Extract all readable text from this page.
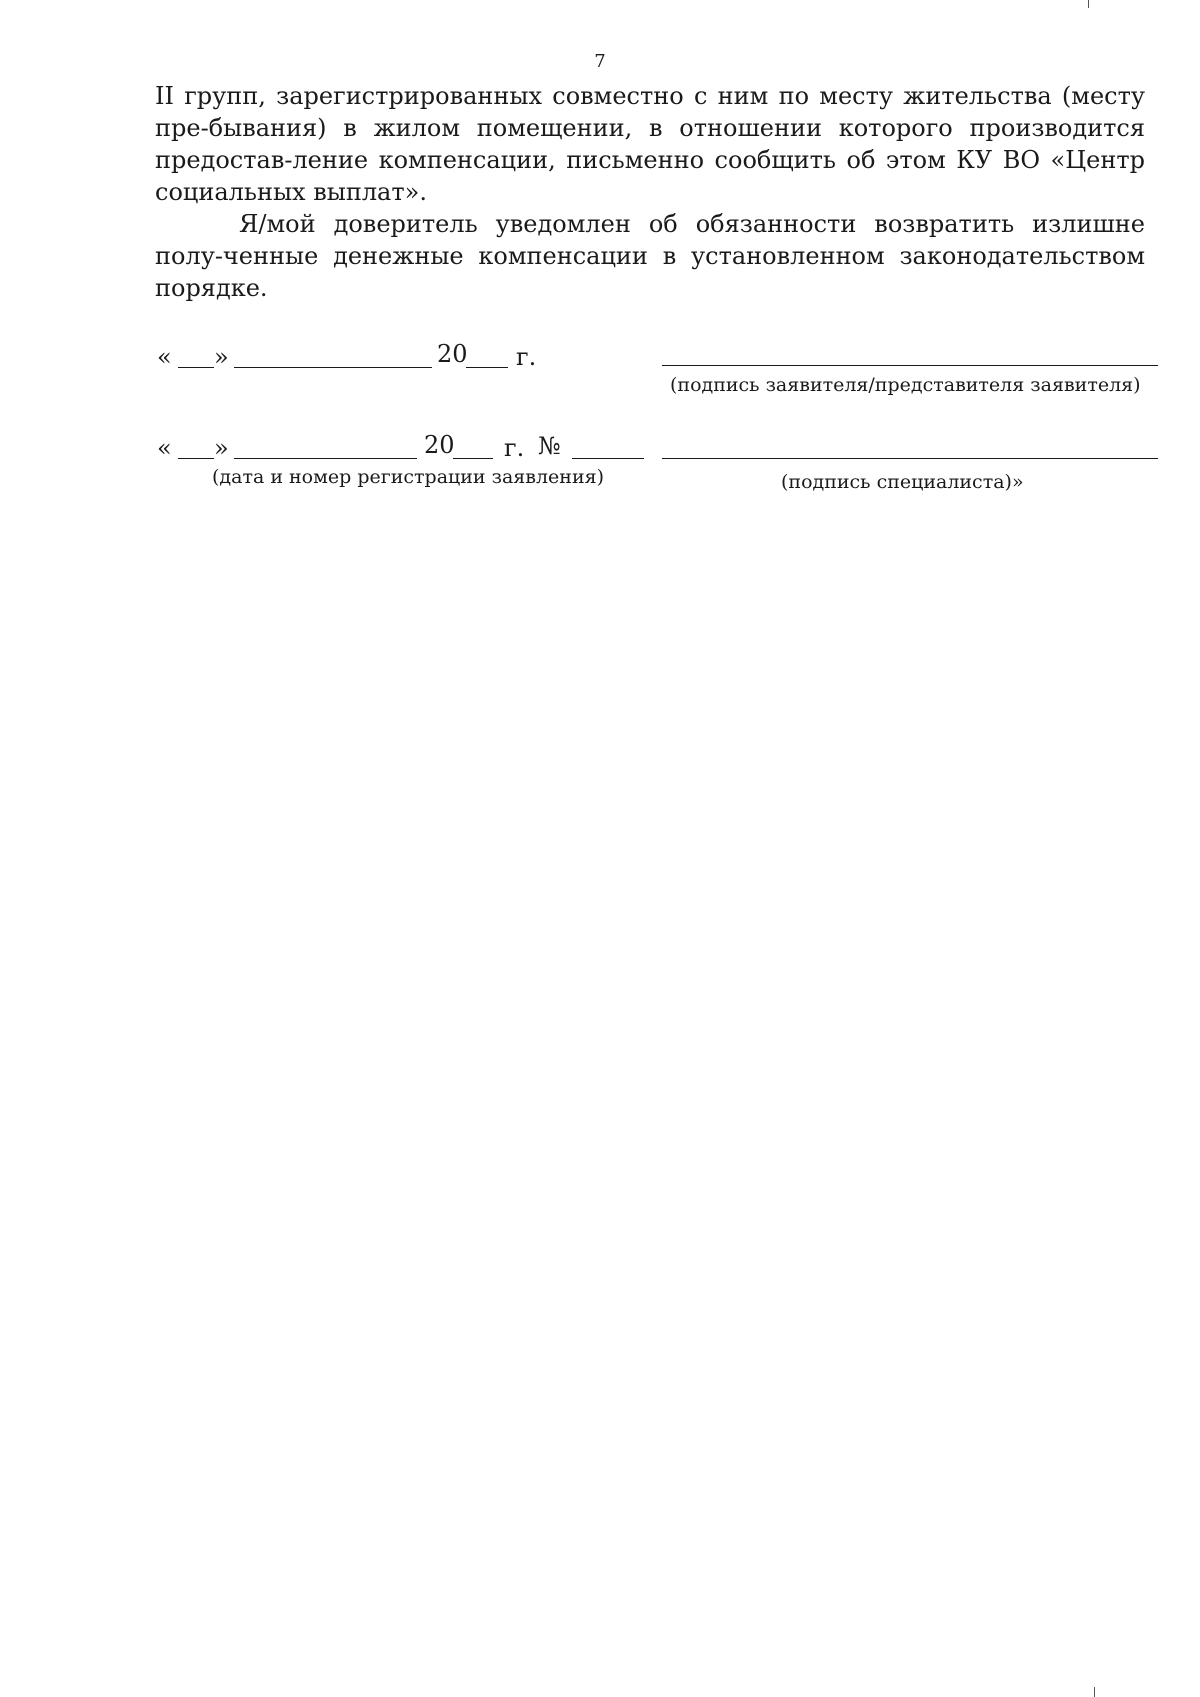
7

II групп, зарегистрированных совместно с ним по месту жительства (месту пре-бывания) в жилом помещении, в отношении которого производится предостав-ление компенсации, письменно сообщить об этом КУ ВО «Центр социальных выплат».

Я/мой доверитель уведомлен об обязанности возвратить излишне полу-ченные денежные компенсации в установленном законодательством порядке.

« »	20 г.
(подпись заявителя/представителя заявителя)
« »	20 г. №
(дата и номер регистрации заявления)	(подпись специалиста)»
